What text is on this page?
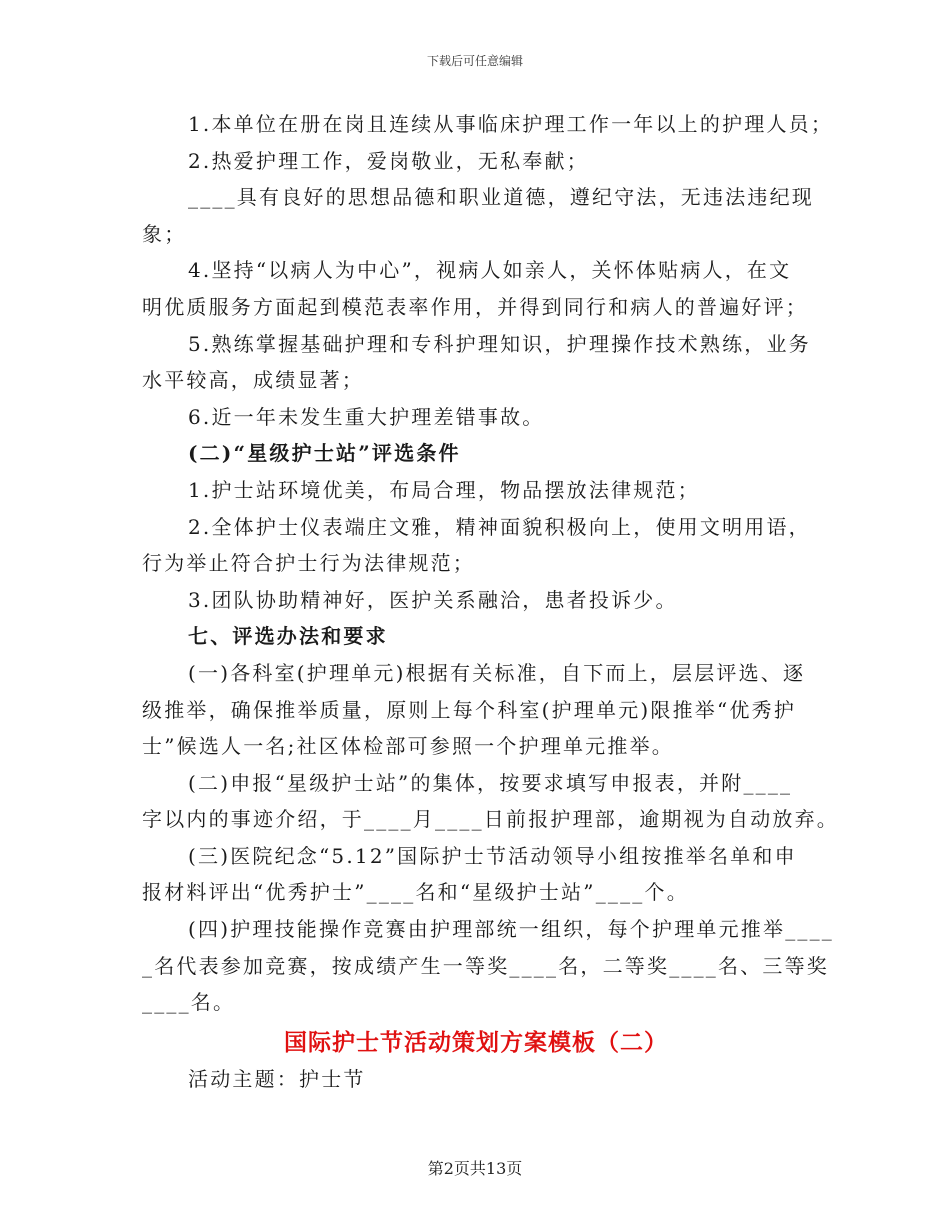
下载后可任意编辑
1.本单位在册在岗且连续从事临床护理工作一年以上的护理人员；
2.热爱护理工作，爱岗敬业，无私奉献；
____具有良好的思想品德和职业道德，遵纪守法，无违法违纪现
象；
4.坚持“以病人为中心”，视病人如亲人，关怀体贴病人，在文
明优质服务方面起到模范表率作用，并得到同行和病人的普遍好评；
5.熟练掌握基础护理和专科护理知识，护理操作技术熟练，业务
水平较高，成绩显著；
6.近一年未发生重大护理差错事故。
(二)“星级护士站”评选条件
1.护士站环境优美，布局合理，物品摆放法律规范；
2.全体护士仪表端庄文雅，精神面貌积极向上，使用文明用语，
行为举止符合护士行为法律规范；
3.团队协助精神好，医护关系融洽，患者投诉少。
七、评选办法和要求
(一)各科室(护理单元)根据有关标准，自下而上，层层评选、逐
级推举，确保推举质量，原则上每个科室(护理单元)限推举“优秀护
士”候选人一名;社区体检部可参照一个护理单元推举。
(二)申报“星级护士站”的集体，按要求填写申报表，并附____
字以内的事迹介绍，于____月____日前报护理部，逾期视为自动放弃。
(三)医院纪念“5.12”国际护士节活动领导小组按推举名单和申
报材料评出“优秀护士”____名和“星级护士站”____个。
(四)护理技能操作竞赛由护理部统一组织，每个护理单元推举____
_名代表参加竞赛，按成绩产生一等奖____名，二等奖____名、三等奖
____名。
国际护士节活动策划方案模板（二）
活动主题：护士节
第2页共13页
